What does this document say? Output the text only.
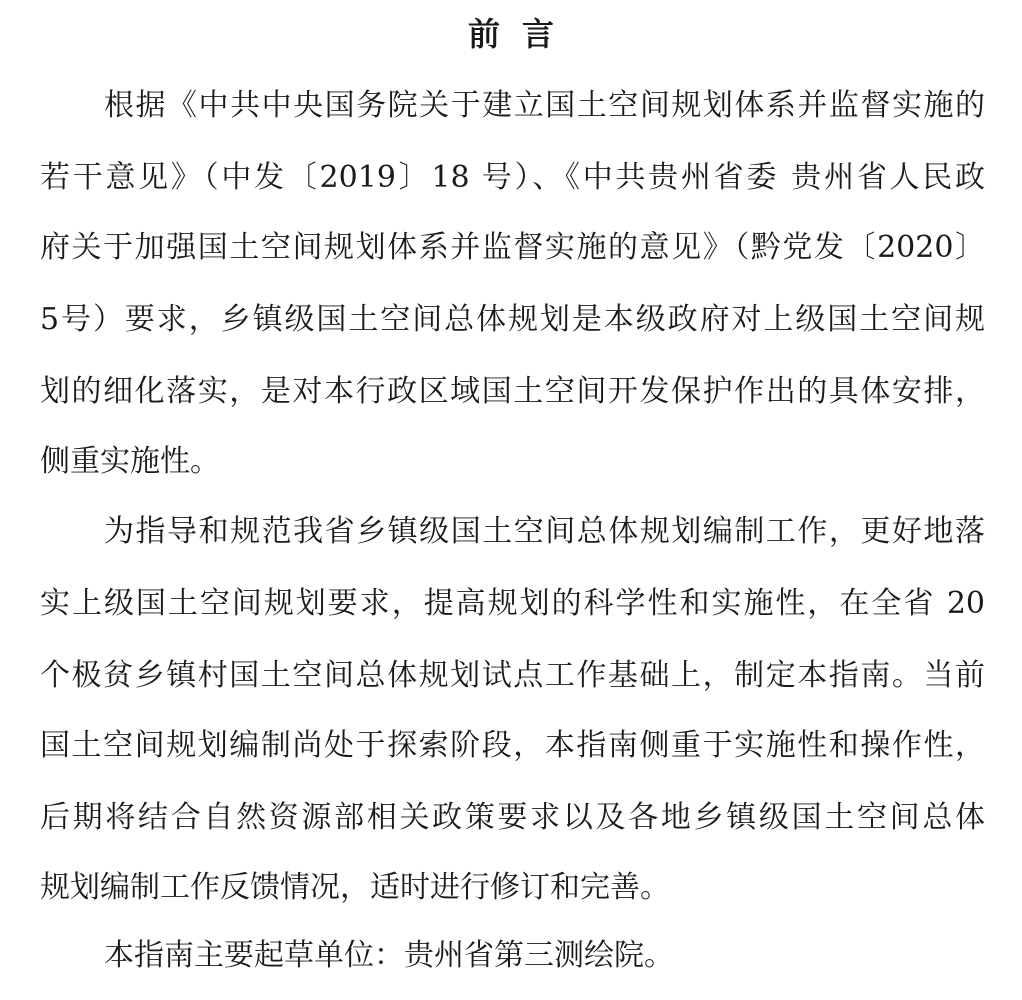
前言
根据《中共中央国务院关于建立国土空间规划体系并监督实施的
若干意见》（中发〔2019〕18 号）、《中共贵州省委 贵州省人民政
府关于加强国土空间规划体系并监督实施的意见》（黔党发〔2020〕
5号）要求，乡镇级国土空间总体规划是本级政府对上级国土空间规
划的细化落实，是对本行政区域国土空间开发保护作出的具体安排，
侧重实施性。
为指导和规范我省乡镇级国土空间总体规划编制工作，更好地落
实上级国土空间规划要求，提高规划的科学性和实施性，在全省 20
个极贫乡镇村国土空间总体规划试点工作基础上，制定本指南。当前
国土空间规划编制尚处于探索阶段，本指南侧重于实施性和操作性，
后期将结合自然资源部相关政策要求以及各地乡镇级国土空间总体
规划编制工作反馈情况，适时进行修订和完善。
本指南主要起草单位：贵州省第三测绘院。
